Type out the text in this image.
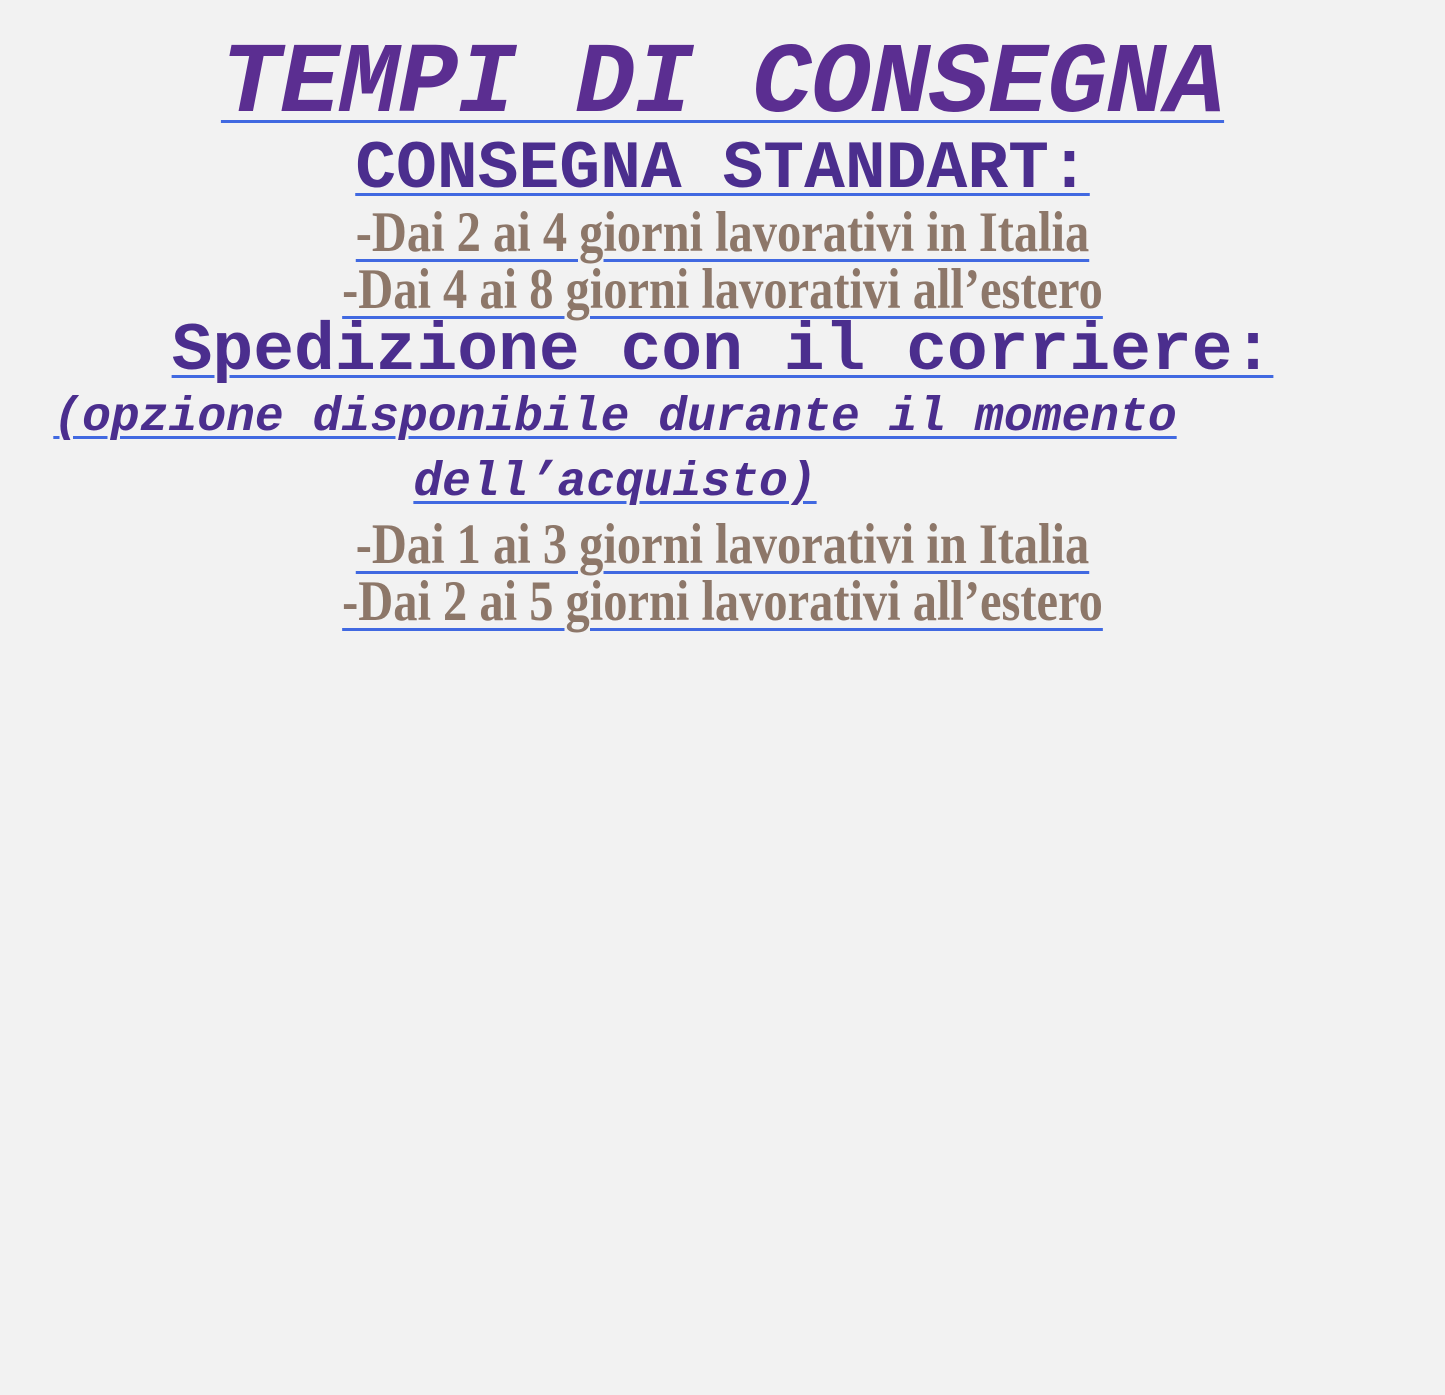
TEMPI DI CONSEGNA
CONSEGNA STANDART:

-Dai 2 ai 4 giorni lavorativi in Italia

-Dai 4 ai 8 giorni lavorativi all’estero

Spedizione con il corriere:

(opzione disponibile durante il momento dell’acquisto)

-Dai 1 ai 3 giorni lavorativi in Italia

-Dai 2 ai 5 giorni lavorativi all’estero
